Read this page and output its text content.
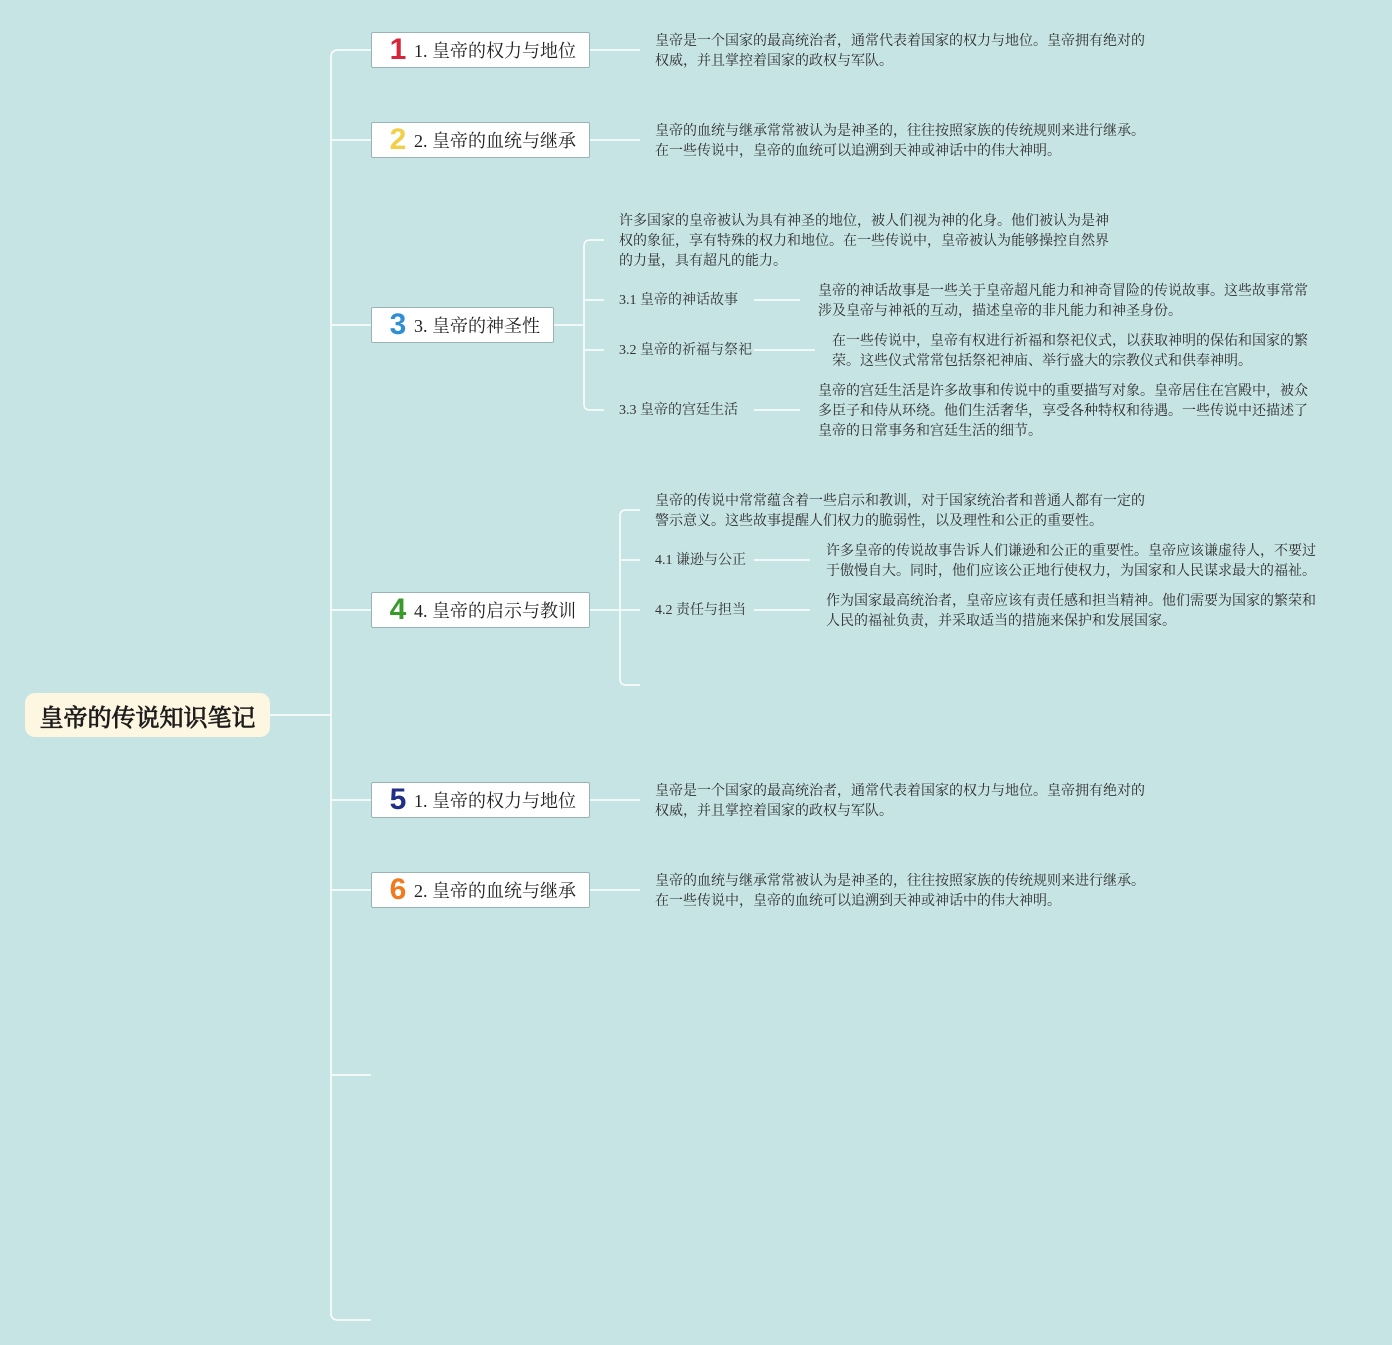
皇帝的传说知识笔记
1 1. 皇帝的权力与地位	皇帝是一个国家的最高统治者，通常代表着国家的权力与地位。皇帝拥有绝对的
权威，并且掌控着国家的政权与军队。
2 2. 皇帝的血统与继承	皇帝的血统与继承常常被认为是神圣的，往往按照家族的传统规则来进行继承。
在一些传说中，皇帝的血统可以追溯到天神或神话中的伟大神明。
3 3. 皇帝的神圣性
许多国家的皇帝被认为具有神圣的地位，被人们视为神的化身。他们被认为是神
权的象征，享有特殊的权力和地位。在一些传说中，皇帝被认为能够操控自然界
的力量，具有超凡的能力。
3.1 皇帝的神话故事
皇帝的神话故事是一些关于皇帝超凡能力和神奇冒险的传说故事。这些故事常常
涉及皇帝与神祇的互动，描述皇帝的非凡能力和神圣身份。
3.2 皇帝的祈福与祭祀
在一些传说中，皇帝有权进行祈福和祭祀仪式，以获取神明的保佑和国家的繁
荣。这些仪式常常包括祭祀神庙、举行盛大的宗教仪式和供奉神明。
3.3 皇帝的宫廷生活
皇帝的宫廷生活是许多故事和传说中的重要描写对象。皇帝居住在宫殿中，被众
多臣子和侍从环绕。他们生活奢华，享受各种特权和待遇。一些传说中还描述了
皇帝的日常事务和宫廷生活的细节。
4 4. 皇帝的启示与教训
皇帝的传说中常常蕴含着一些启示和教训，对于国家统治者和普通人都有一定的
警示意义。这些故事提醒人们权力的脆弱性，以及理性和公正的重要性。
4.1 谦逊与公正
许多皇帝的传说故事告诉人们谦逊和公正的重要性。皇帝应该谦虚待人，不要过
于傲慢自大。同时，他们应该公正地行使权力，为国家和人民谋求最大的福祉。
4.2 责任与担当
作为国家最高统治者，皇帝应该有责任感和担当精神。他们需要为国家的繁荣和
人民的福祉负责，并采取适当的措施来保护和发展国家。
5 1. 皇帝的权力与地位	皇帝是一个国家的最高统治者，通常代表着国家的权力与地位。皇帝拥有绝对的
权威，并且掌控着国家的政权与军队。
6 2. 皇帝的血统与继承	皇帝的血统与继承常常被认为是神圣的，往往按照家族的传统规则来进行继承。
在一些传说中，皇帝的血统可以追溯到天神或神话中的伟大神明。
